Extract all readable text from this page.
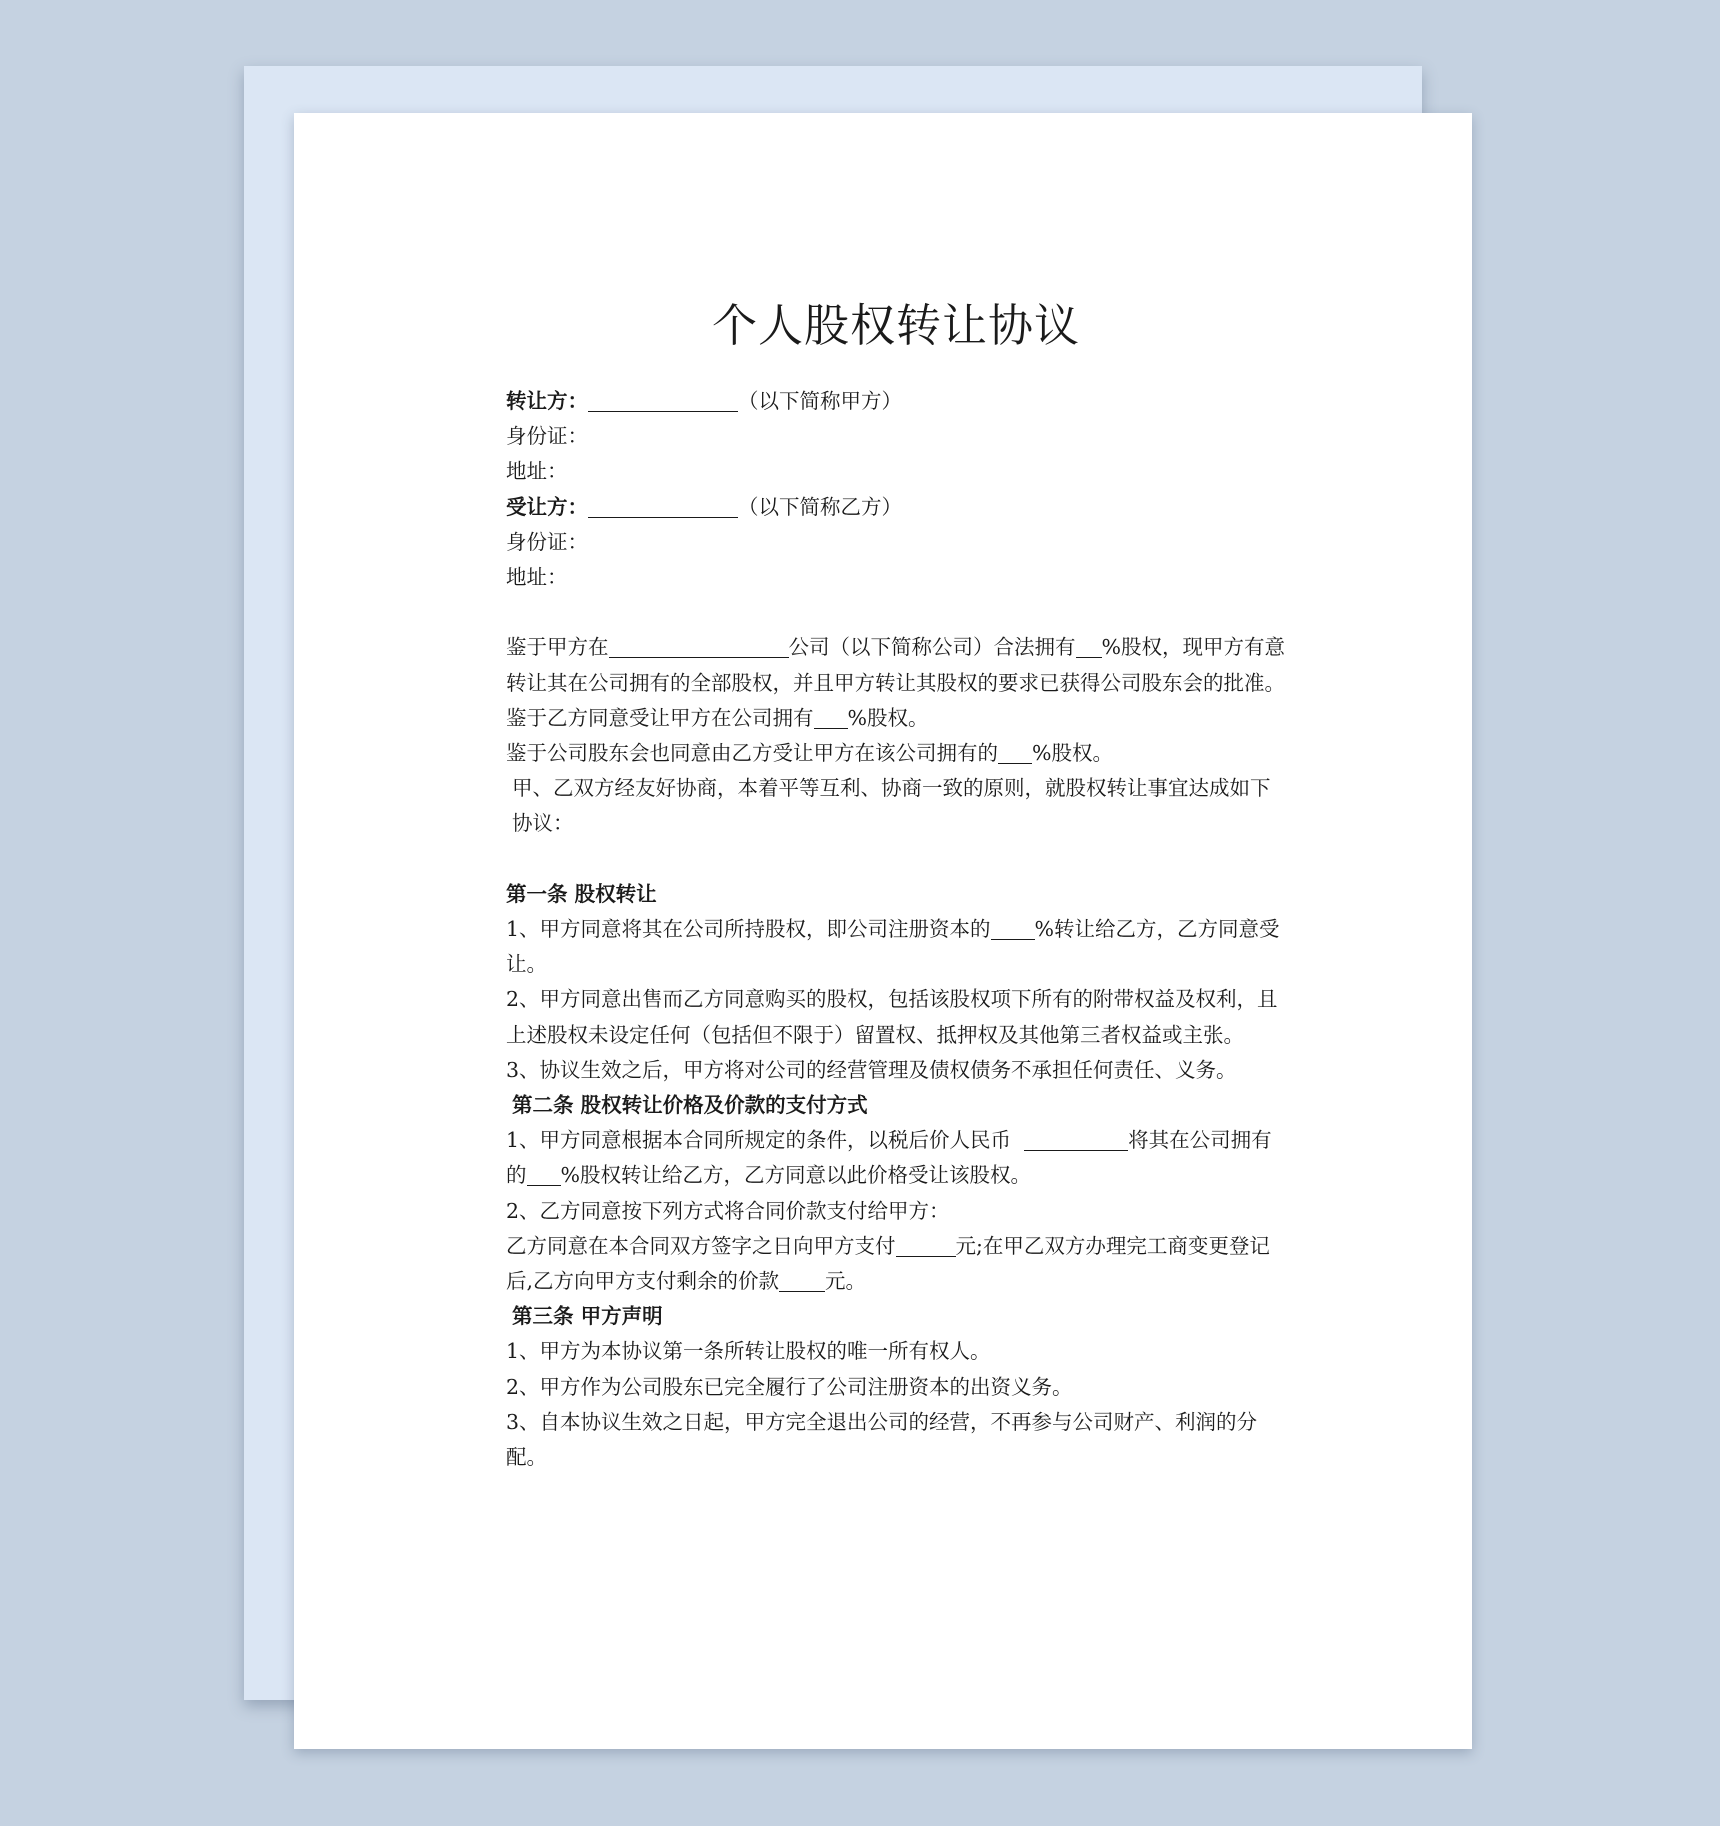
个人股权转让协议
转让方：	（以下简称甲方）
身份证：
地址：
受让方：	（以下简称乙方）
身份证：
地址：
鉴于甲方在	公司（以下简称公司）合法拥有 %股权，现甲方有意转让其在公司拥有的全部股权，并且甲方转让其股权的要求已获得公司股东会的批准。
鉴于乙方同意受让甲方在公司拥有 %股权。
鉴于公司股东会也同意由乙方受让甲方在该公司拥有的 %股权。
甲、乙双方经友好协商，本着平等互利、协商一致的原则，就股权转让事宜达成如下协议：
第一条 股权转让
1、甲方同意将其在公司所持股权，即公司注册资本的 %转让给乙方，乙方同意受让。
2、甲方同意出售而乙方同意购买的股权，包括该股权项下所有的附带权益及权利，且上述股权未设定任何（包括但不限于）留置权、抵押权及其他第三者权益或主张。
3、协议生效之后，甲方将对公司的经营管理及债权债务不承担任何责任、义务。
第二条 股权转让价格及价款的支付方式
1、甲方同意根据本合同所规定的条件，以税后价人民币	将其在公司拥有的 %股权转让给乙方，乙方同意以此价格受让该股权。
2、乙方同意按下列方式将合同价款支付给甲方：
乙方同意在本合同双方签字之日向甲方支付	元;在甲乙双方办理完工商变更登记后,乙方向甲方支付剩余的价款 元。
第三条 甲方声明
1、甲方为本协议第一条所转让股权的唯一所有权人。
2、甲方作为公司股东已完全履行了公司注册资本的出资义务。
3、自本协议生效之日起，甲方完全退出公司的经营，不再参与公司财产、利润的分配。
